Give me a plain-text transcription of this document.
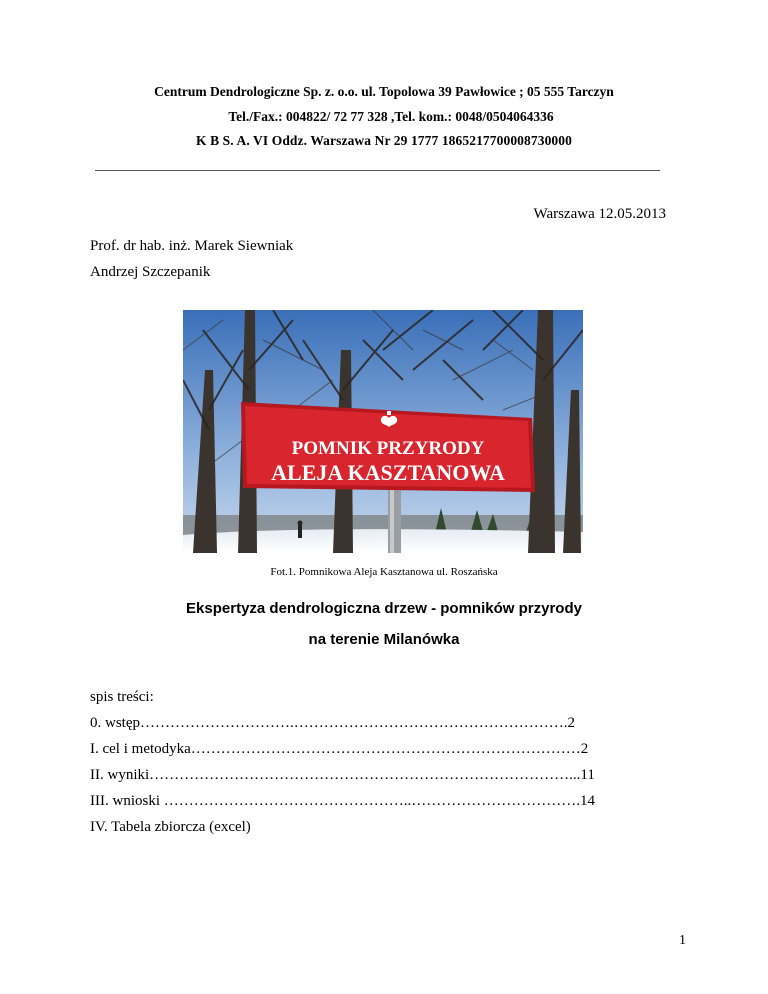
Centrum Dendrologiczne Sp. z. o.o. ul. Topolowa 39 Pawłowice ; 05 555 Tarczyn
Tel./Fax.: 004822/ 72 77 328 ,Tel. kom.: 0048/0504064336
K B S. A. VI Oddz. Warszawa Nr 29 1777 1865217700008730000
Warszawa 12.05.2013
Prof. dr hab. inż. Marek Siewniak
Andrzej Szczepanik
POMNIK PRZYRODY
ALEJA KASZTANOWA
Fot.1. Pomnikowa Aleja Kasztanowa ul. Roszańska
Ekspertyza dendrologiczna drzew - pomników przyrody
na terenie Milanówka
spis treści:
0. wstęp………………………….……………………………………………….2
I. cel i metodyka……………………………………………………………………2
II. wyniki…………………………………………………………………………...11
III. wnioski …………………………………………..…………………………….14
IV. Tabela zbiorcza (excel)
1
